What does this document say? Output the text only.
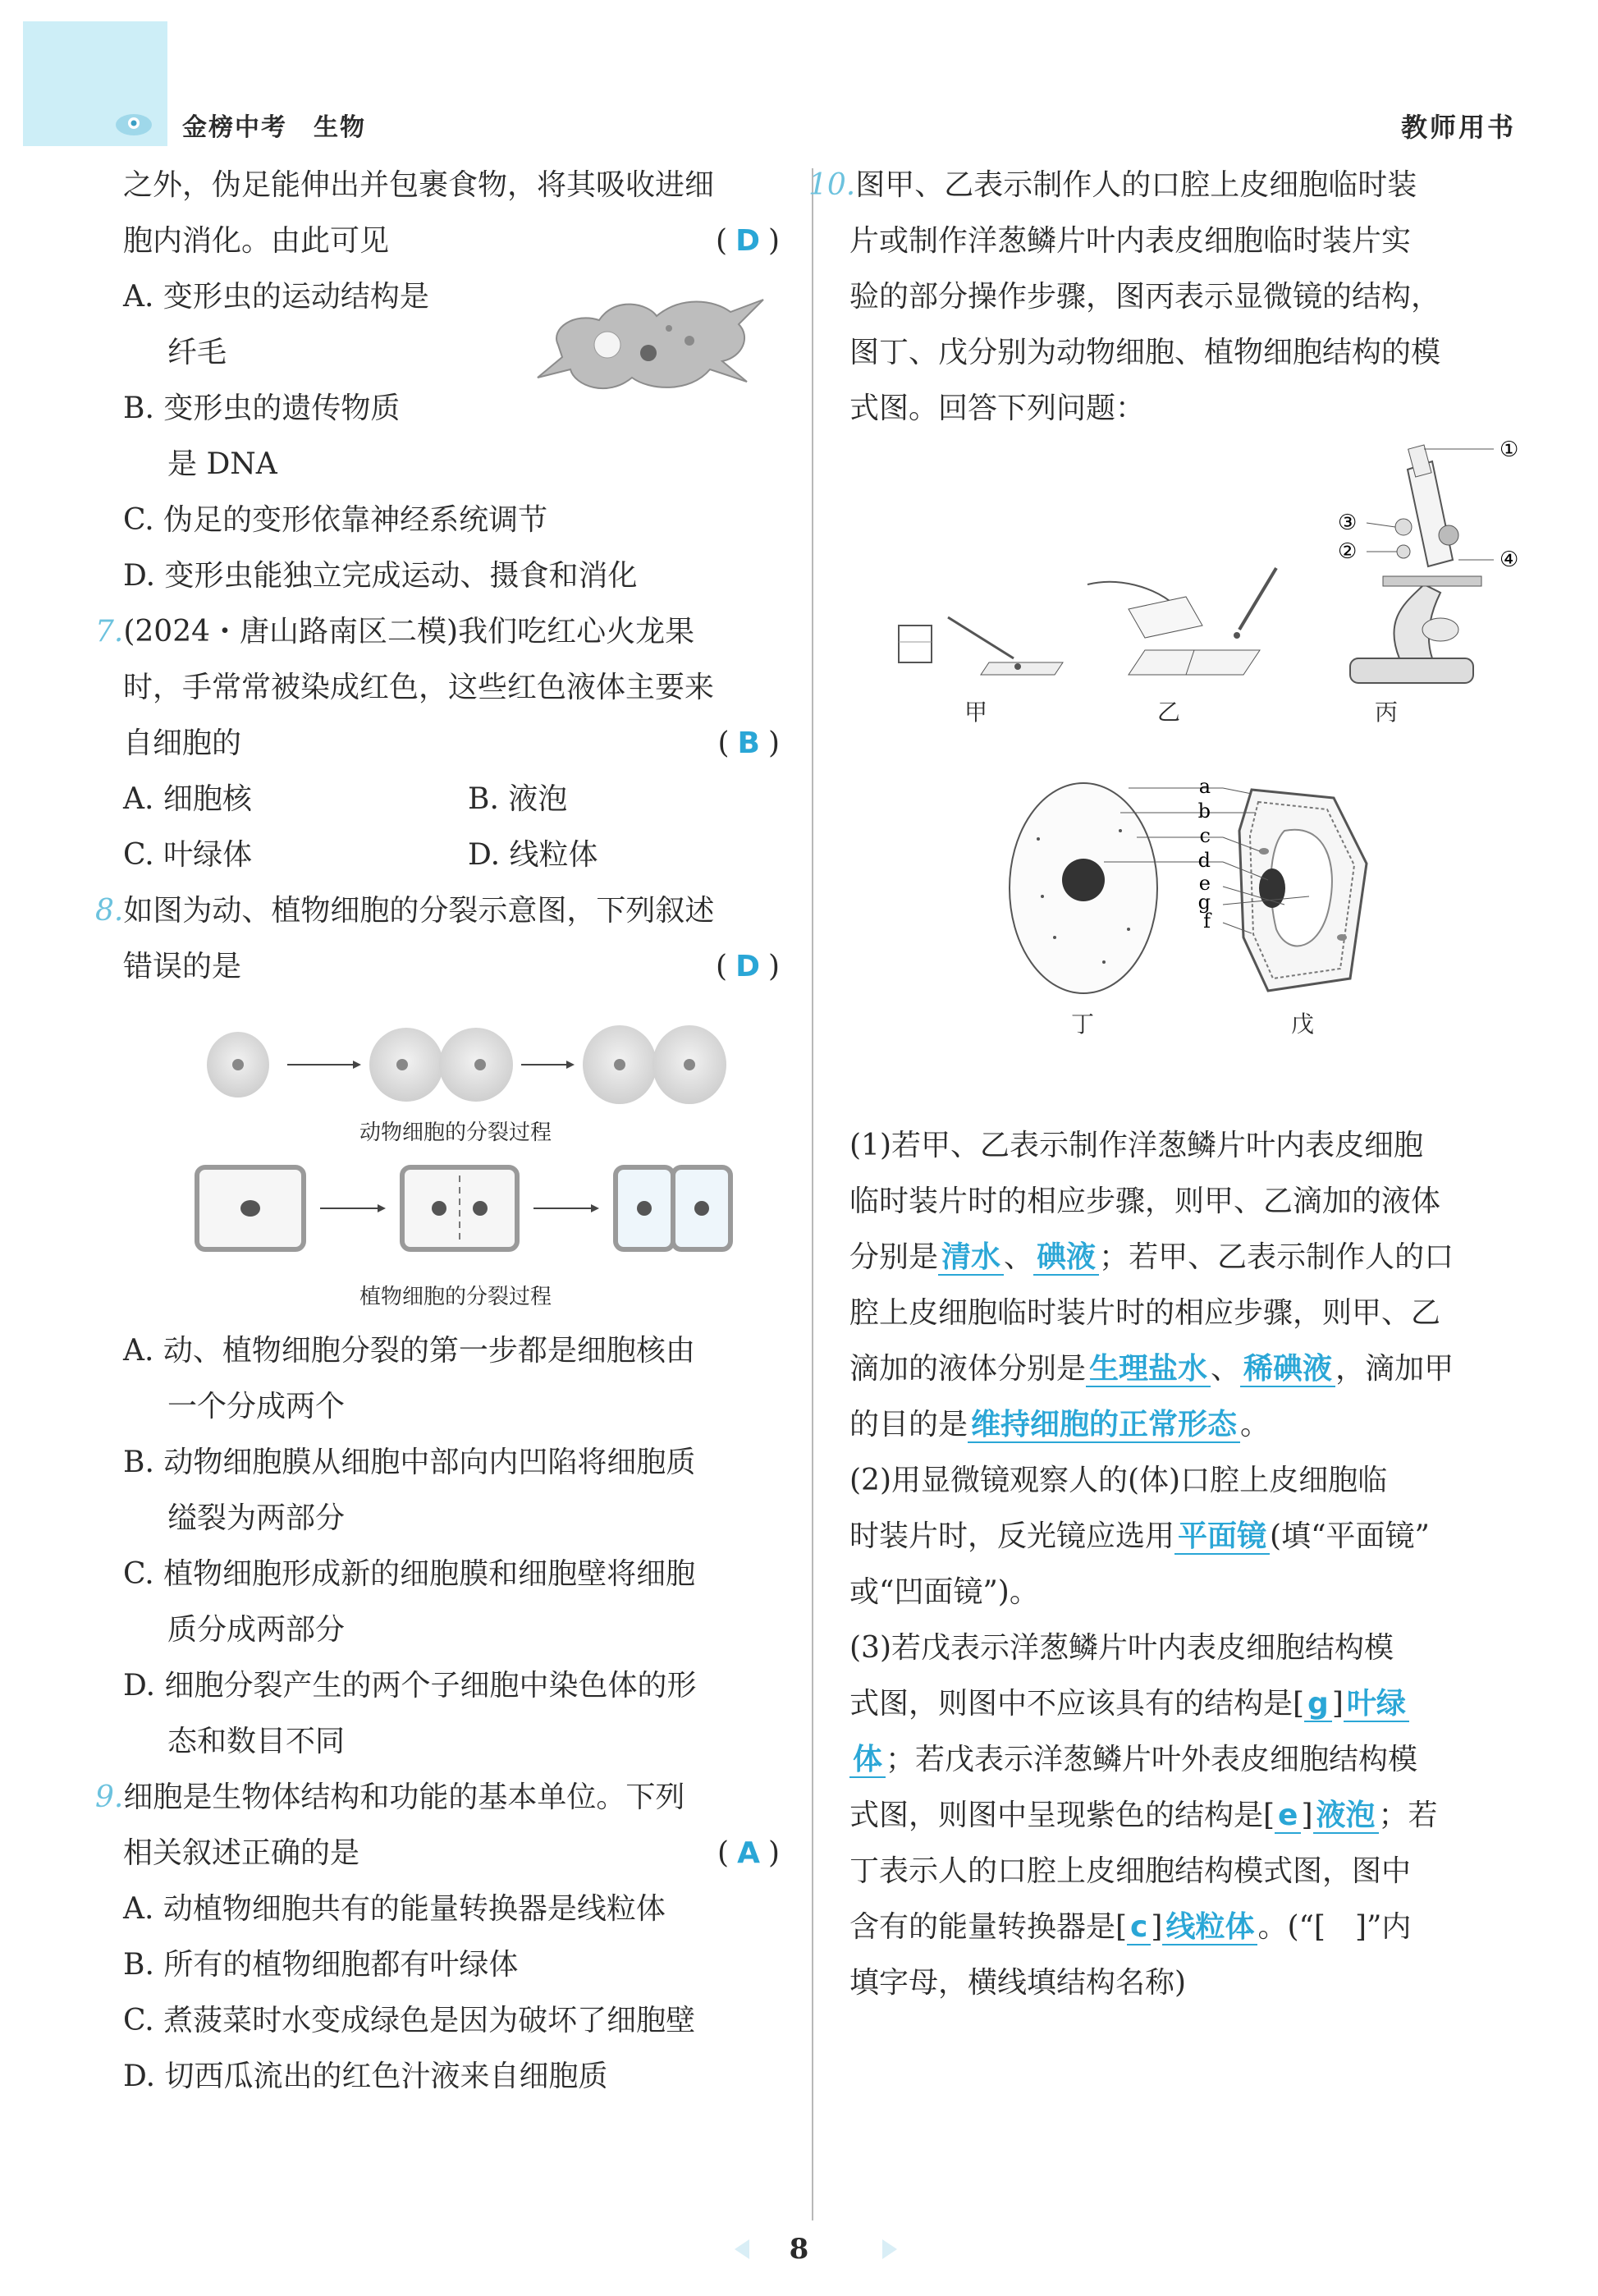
金榜中考　生物	教师用书
之外，伪足能伸出并包裹食物，将其吸收进细
胞内消化。由此可见	(D)
A. 变形虫的运动结构是
纤毛
B. 变形虫的遗传物质
是 DNA
C. 伪足的变形依靠神经系统调节
D. 变形虫能独立完成运动、摄食和消化
7.(2024・唐山路南区二模)我们吃红心火龙果
时，手常常被染成红色，这些红色液体主要来
自细胞的	(B)
A. 细胞核	B. 液泡
C. 叶绿体	D. 线粒体
8.如图为动、植物细胞的分裂示意图，下列叙述
错误的是	(D)
动物细胞的分裂过程
植物细胞的分裂过程
A. 动、植物细胞分裂的第一步都是细胞核由
一个分成两个
B. 动物细胞膜从细胞中部向内凹陷将细胞质
缢裂为两部分
C. 植物细胞形成新的细胞膜和细胞壁将细胞
质分成两部分
D. 细胞分裂产生的两个子细胞中染色体的形
态和数目不同
9.细胞是生物体结构和功能的基本单位。下列
相关叙述正确的是	(A)
A. 动植物细胞共有的能量转换器是线粒体
B. 所有的植物细胞都有叶绿体
C. 煮菠菜时水变成绿色是因为破坏了细胞壁
D. 切西瓜流出的红色汁液来自细胞质
10.图甲、乙表示制作人的口腔上皮细胞临时装
片或制作洋葱鳞片叶内表皮细胞临时装片实
验的部分操作步骤，图丙表示显微镜的结构，
图丁、戊分别为动物细胞、植物细胞结构的模
式图。回答下列问题：
①
③
②	④
甲	乙	丙
a
b
c
d
e
g
f
丁	戊
(1)若甲、乙表示制作洋葱鳞片叶内表皮细胞
临时装片时的相应步骤，则甲、乙滴加的液体
分别是 清水 、 碘液 ；若甲、乙表示制作人的口
腔上皮细胞临时装片时的相应步骤，则甲、乙
滴加的液体分别是 生理盐水 、 稀碘液 ，滴加甲
的目的是 维持细胞的正常形态 。
(2)用显微镜观察人的(体)口腔上皮细胞临
时装片时，反光镜应选用 平面镜 (填“平面镜”
或“凹面镜”)。
(3)若戊表示洋葱鳞片叶内表皮细胞结构模
式图，则图中不应该具有的结构是[ g ] 叶绿
体 ；若戊表示洋葱鳞片叶外表皮细胞结构模
式图，则图中呈现紫色的结构是[ e ] 液泡 ；若
丁表示人的口腔上皮细胞结构模式图，图中
含有的能量转换器是[ c ] 线粒体 。(“[　]”内
填字母，横线填结构名称)
8
